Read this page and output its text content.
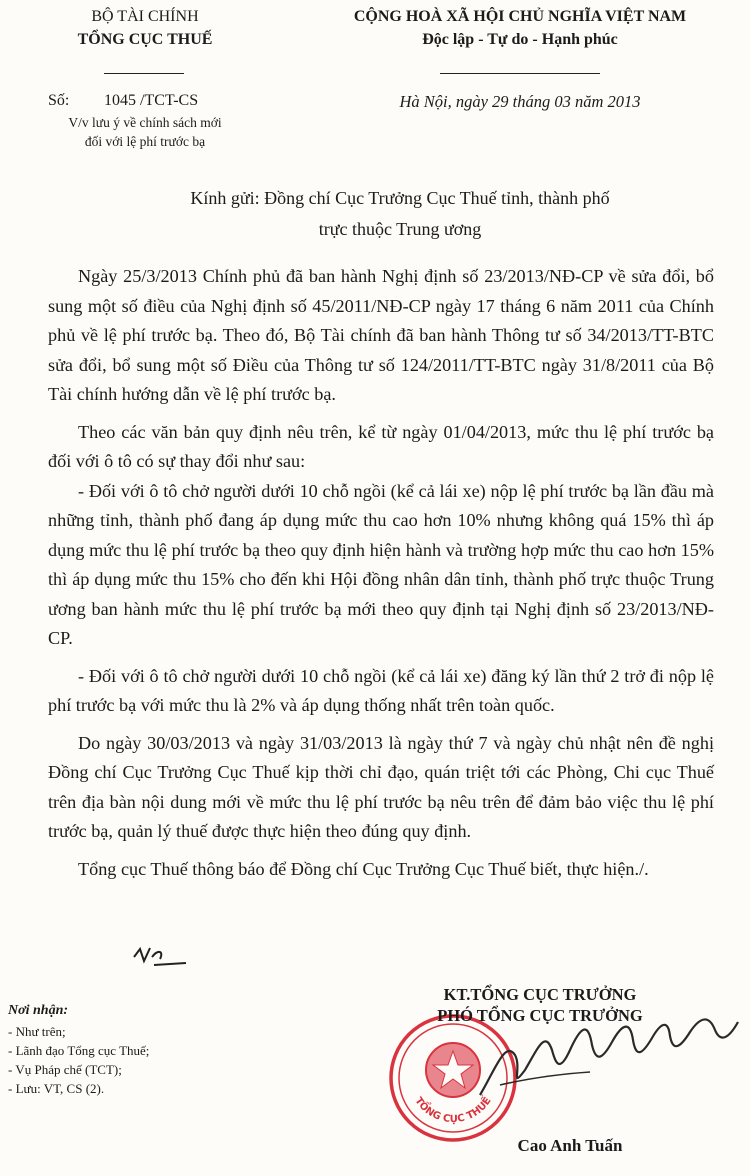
BỘ TÀI CHÍNH
TỔNG CỤC THUẾ
Số: 1045 /TCT-CS
V/v lưu ý về chính sách mới
đối với lệ phí trước bạ
CỘNG HOÀ XÃ HỘI CHỦ NGHĨA VIỆT NAM
Độc lập - Tự do - Hạnh phúc
Hà Nội, ngày 29 tháng 03 năm 2013
Kính gửi: Đồng chí Cục Trưởng Cục Thuế tỉnh, thành phố
trực thuộc Trung ương

Ngày 25/3/2013 Chính phủ đã ban hành Nghị định số 23/2013/NĐ-CP về sửa đổi, bổ sung một số điều của Nghị định số 45/2011/NĐ-CP ngày 17 tháng 6 năm 2011 của Chính phủ về lệ phí trước bạ. Theo đó, Bộ Tài chính đã ban hành Thông tư số 34/2013/TT-BTC sửa đổi, bổ sung một số Điều của Thông tư số 124/2011/TT-BTC ngày 31/8/2011 của Bộ Tài chính hướng dẫn về lệ phí trước bạ.

Theo các văn bản quy định nêu trên, kể từ ngày 01/04/2013, mức thu lệ phí trước bạ đối với ô tô có sự thay đổi như sau:

- Đối với ô tô chở người dưới 10 chỗ ngồi (kể cả lái xe) nộp lệ phí trước bạ lần đầu mà những tỉnh, thành phố đang áp dụng mức thu cao hơn 10% nhưng không quá 15% thì áp dụng mức thu lệ phí trước bạ theo quy định hiện hành và trường hợp mức thu cao hơn 15% thì áp dụng mức thu 15% cho đến khi Hội đồng nhân dân tỉnh, thành phố trực thuộc Trung ương ban hành mức thu lệ phí trước bạ mới theo quy định tại Nghị định số 23/2013/NĐ-CP.

- Đối với ô tô chở người dưới 10 chỗ ngồi (kể cả lái xe) đăng ký lần thứ 2 trở đi nộp lệ phí trước bạ với mức thu là 2% và áp dụng thống nhất trên toàn quốc.

Do ngày 30/03/2013 và ngày 31/03/2013 là ngày thứ 7 và ngày chủ nhật nên đề nghị Đồng chí Cục Trưởng Cục Thuế kịp thời chỉ đạo, quán triệt tới các Phòng, Chi cục Thuế trên địa bàn nội dung mới về mức thu lệ phí trước bạ nêu trên để đảm bảo việc thu lệ phí trước bạ, quản lý thuế được thực hiện theo đúng quy định.

Tổng cục Thuế thông báo để Đồng chí Cục Trưởng Cục Thuế biết, thực hiện./.

Nơi nhận:
- Như trên;
- Lãnh đạo Tổng cục Thuế;
- Vụ Pháp chế (TCT);
- Lưu: VT, CS (2).
TỔNG CỤC THUẾ
KT.TỔNG CỤC TRƯỞNG
PHÓ TỔNG CỤC TRƯỞNG
Cao Anh Tuấn
